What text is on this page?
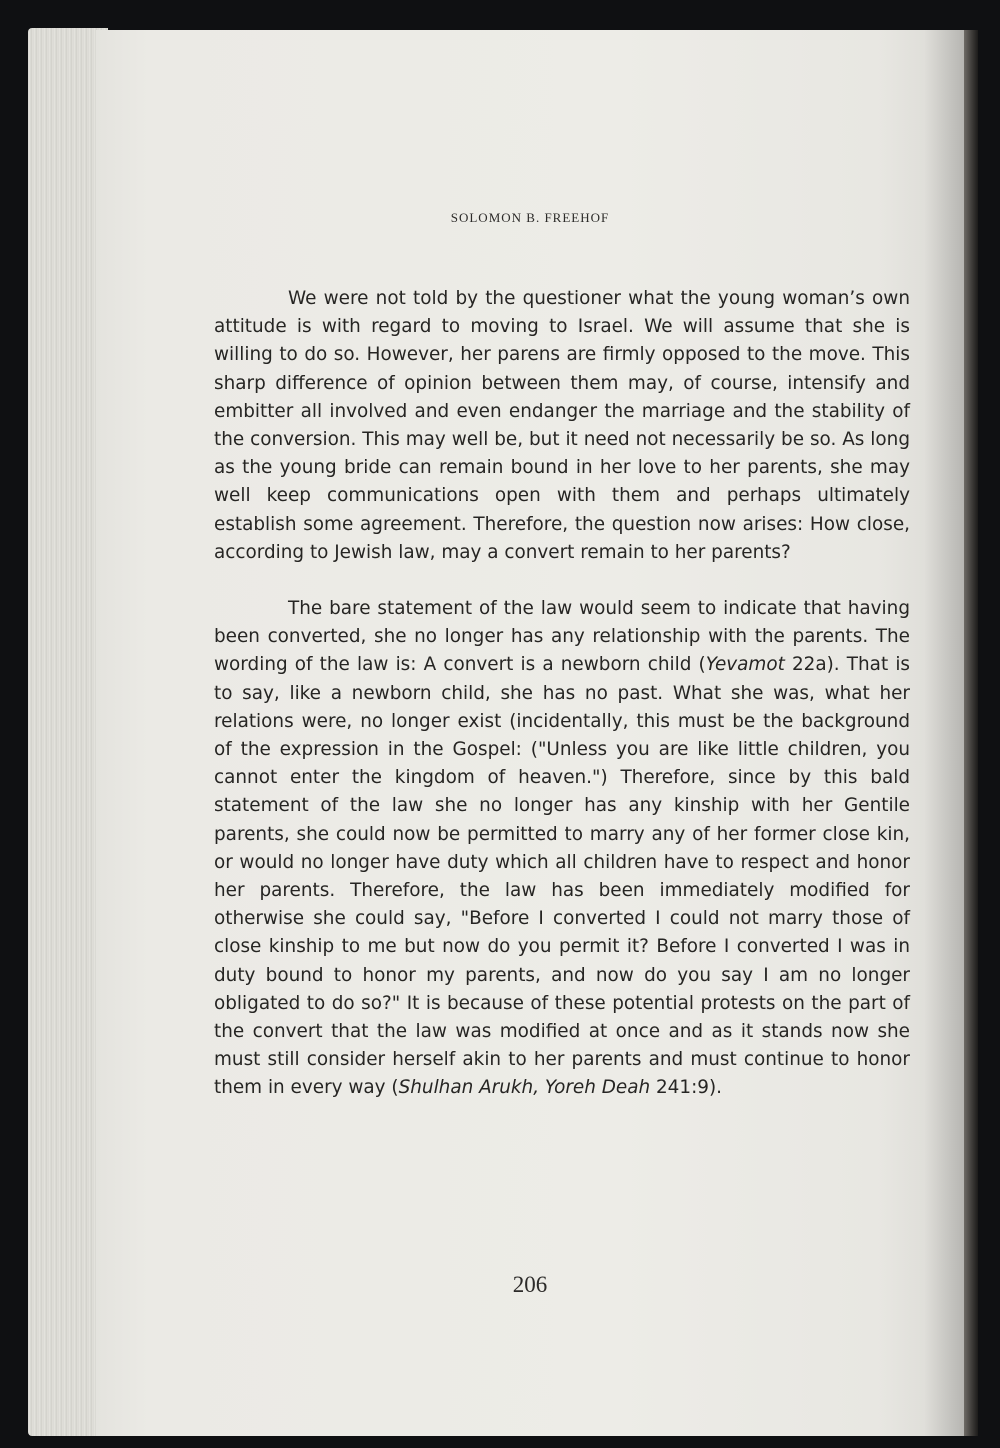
SOLOMON B. FREEHOF

We were not told by the questioner what the young woman’s own attitude is with regard to moving to Israel. We will assume that she is willing to do so. However, her parens are firmly opposed to the move. This sharp difference of opinion between them may, of course, intensify and embitter all involved and even endanger the marriage and the stability of the conversion. This may well be, but it need not necessarily be so. As long as the young bride can remain bound in her love to her parents, she may well keep communications open with them and perhaps ultimately establish some agreement. Therefore, the question now arises: How close, according to Jewish law, may a convert remain to her parents?

The bare statement of the law would seem to indicate that having been converted, she no longer has any relationship with the parents. The wording of the law is: A convert is a newborn child (Yevamot 22a). That is to say, like a newborn child, she has no past. What she was, what her relations were, no longer exist (incidentally, this must be the background of the expression in the Gospel: ("Unless you are like little children, you cannot enter the kingdom of heaven.") Therefore, since by this bald statement of the law she no longer has any kinship with her Gentile parents, she could now be permitted to marry any of her former close kin, or would no longer have duty which all children have to respect and honor her parents. Therefore, the law has been immediately modified for otherwise she could say, "Before I converted I could not marry those of close kinship to me but now do you permit it? Before I converted I was in duty bound to honor my parents, and now do you say I am no longer obligated to do so?" It is because of these potential protests on the part of the convert that the law was modified at once and as it stands now she must still consider herself akin to her parents and must continue to honor them in every way (Shulhan Arukh, Yoreh Deah 241:9).

206
